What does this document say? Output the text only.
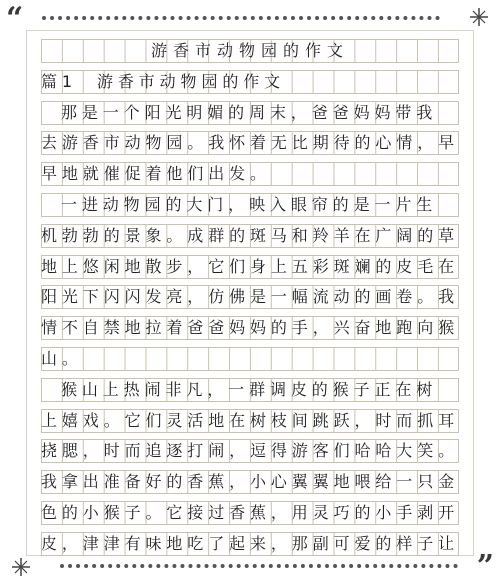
“
游香市动物园的作文
篇1  游香市动物园的作文
那是一个阳光明媚的周末，爸爸妈妈带我
去游香市动物园。我怀着无比期待的心情，早
早地就催促着他们出发。
一进动物园的大门，映入眼帘的是一片生
机勃勃的景象。成群的斑马和羚羊在广阔的草
地上悠闲地散步，它们身上五彩斑斓的皮毛在
阳光下闪闪发亮，仿佛是一幅流动的画卷。我
情不自禁地拉着爸爸妈妈的手，兴奋地跑向猴
山。
猴山上热闹非凡，一群调皮的猴子正在树
上嬉戏。它们灵活地在树枝间跳跃，时而抓耳
挠腮，时而追逐打闹，逗得游客们哈哈大笑。
我拿出准备好的香蕉，小心翼翼地喂给一只金
色的小猴子。它接过香蕉，用灵巧的小手剥开
皮，津津有味地吃了起来，那副可爱的样子让
”
